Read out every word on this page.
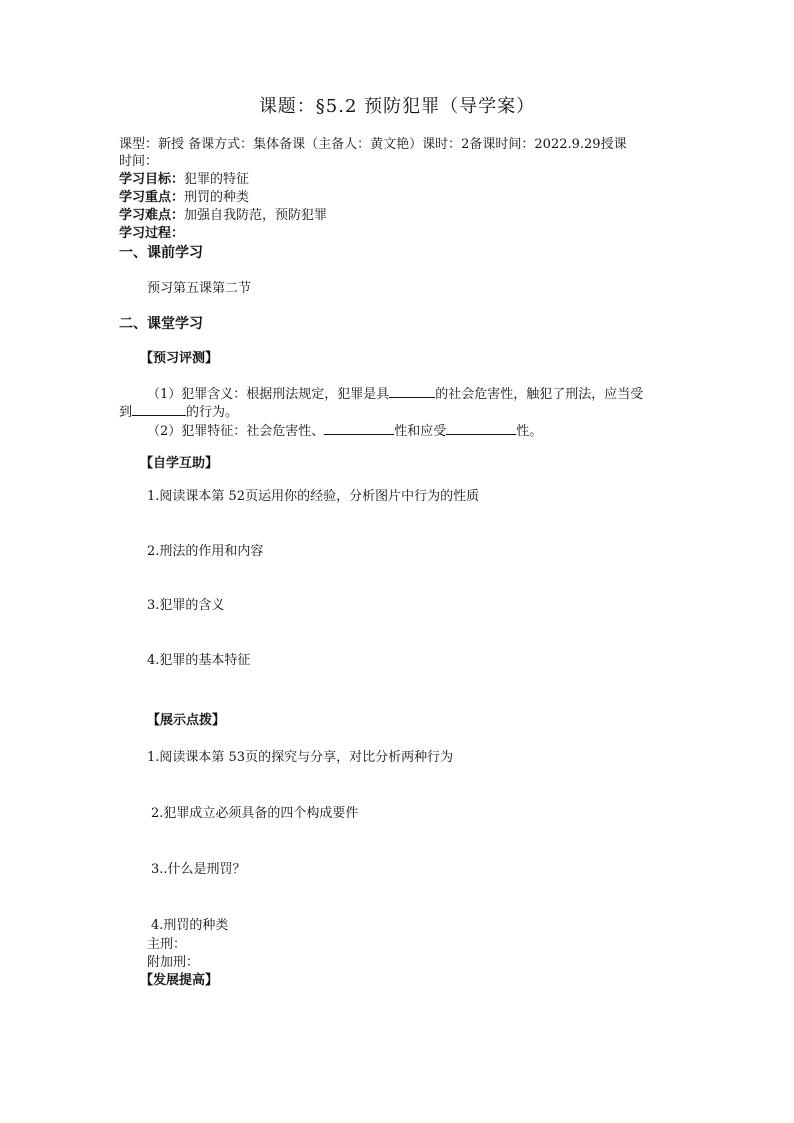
课题：§5.2 预防犯罪（导学案）
课型：新授 备课方式：集体备课（主备人：黄文艳）课时：2备课时间：2022.9.29授课
时间：
学习目标：犯罪的特征
学习重点：刑罚的种类
学习难点：加强自我防范，预防犯罪
学习过程：
一、课前学习
预习第五课第二节
二、课堂学习
【预习评测】
（1）犯罪含义：根据刑法规定，犯罪是具	的社会危害性，触犯了刑法，应当受
到	的行为。
（2）犯罪特征：社会危害性、	性和应受	性。
【自学互助】
1.阅读课本第 52页运用你的经验，分析图片中行为的性质
2.刑法的作用和内容
3.犯罪的含义
4.犯罪的基本特征
【展示点拨】
1.阅读课本第 53页的探究与分享，对比分析两种行为
2.犯罪成立必须具备的四个构成要件
3..什么是刑罚？
4.刑罚的种类
主刑：
附加刑：
【发展提高】
